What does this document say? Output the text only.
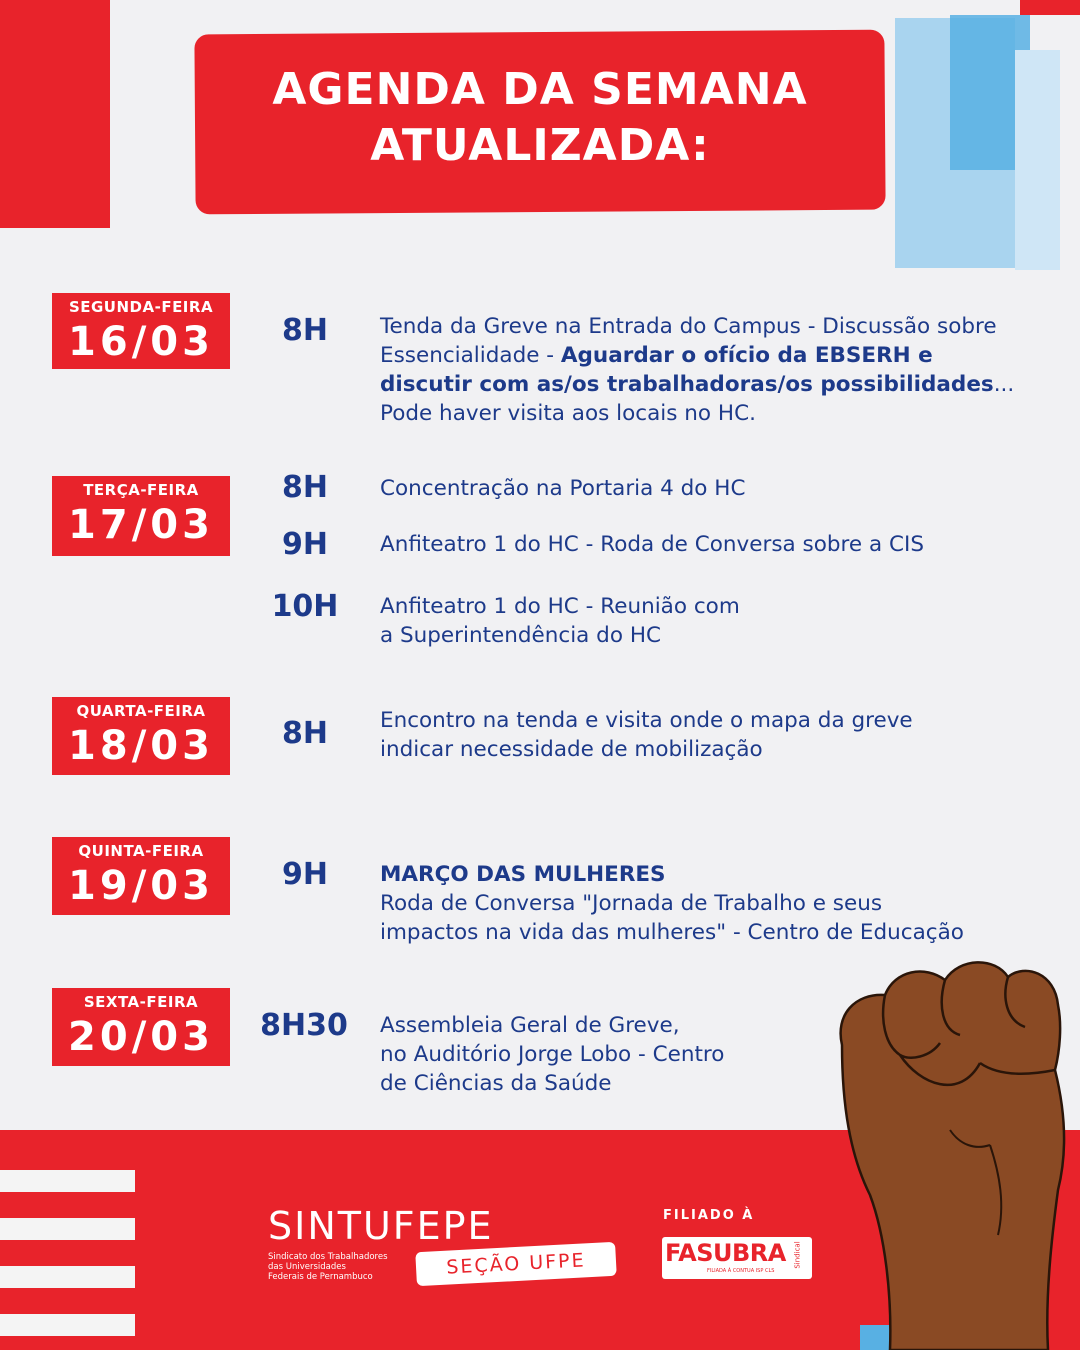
AGENDA DA SEMANA
ATUALIZADA:
SEGUNDA-FEIRA
16/03	8H	Tenda da Greve na Entrada do Campus - Discussão sobre Essencialidade - Aguardar o ofício da EBSERH e discutir com as/os trabalhadoras/os possibilidades... Pode haver visita aos locais no HC.
TERÇA-FEIRA
17/03
8H	Concentração na Portaria 4 do HC
9H	Anfiteatro 1 do HC - Roda de Conversa sobre a CIS
10H	Anfiteatro 1 do HC - Reunião com
a Superintendência do HC
QUARTA-FEIRA
18/03	8H	Encontro na tenda e visita onde o mapa da greve
indicar necessidade de mobilização
QUINTA-FEIRA
19/03	9H	MARÇO DAS MULHERES
Roda de Conversa "Jornada de Trabalho e seus impactos na vida das mulheres" - Centro de Educação
SEXTA-FEIRA
20/03	8H30	Assembleia Geral de Greve,
no Auditório Jorge Lobo - Centro
de Ciências da Saúde
SINTUFEPE
Sindicato dos Trabalhadores
das Universidades
Federais de Pernambuco	SEÇÃO UFPE
FILIADO À
FASUBRA
FILIADA À CONTUA ISP CLS
Sindical
